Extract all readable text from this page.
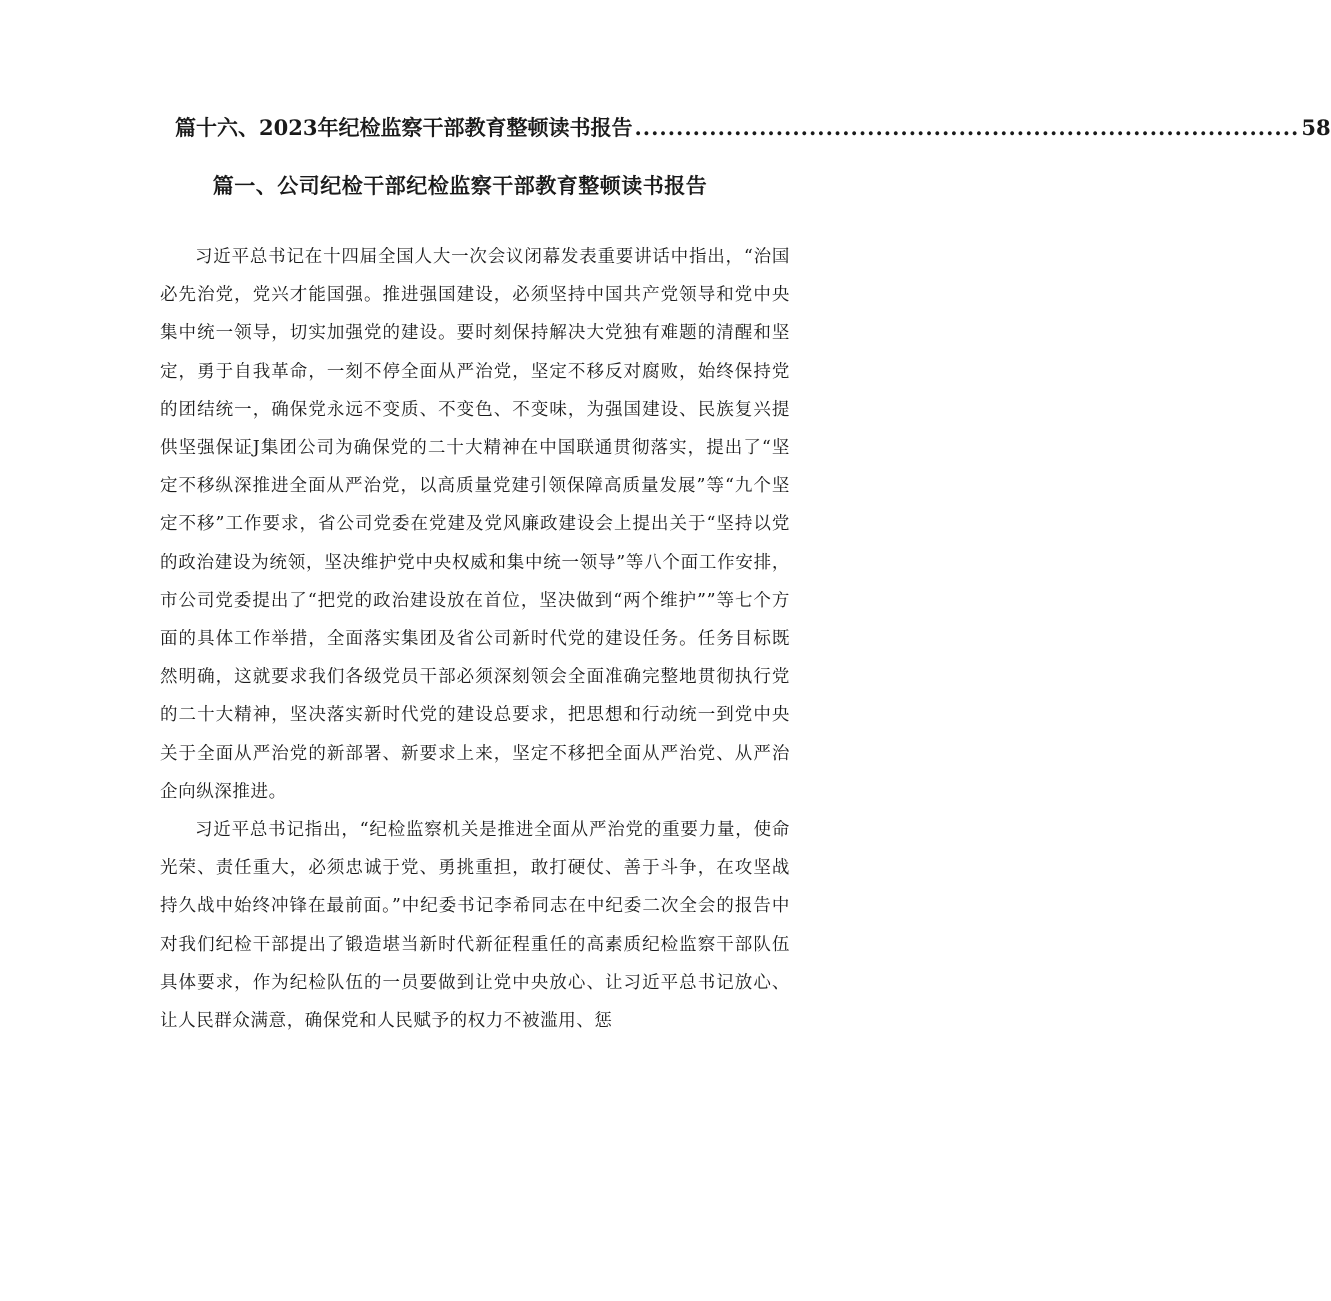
篇十六、2023年纪检监察干部教育整顿读书报告 ................................................................................ 58
篇一、公司纪检干部纪检监察干部教育整顿读书报告

习近平总书记在十四届全国人大一次会议闭幕发表重要讲话中指出，“治国必先治党，党兴才能国强。推进强国建设，必须坚持中国共产党领导和党中央集中统一领导，切实加强党的建设。要时刻保持解决大党独有难题的清醒和坚定，勇于自我革命，一刻不停全面从严治党，坚定不移反对腐败，始终保持党的团结统一，确保党永远不变质、不变色、不变味，为强国建设、民族复兴提供坚强保证J集团公司为确保党的二十大精神在中国联通贯彻落实，提出了“坚定不移纵深推进全面从严治党，以高质量党建引领保障高质量发展”等“九个坚定不移”工作要求，省公司党委在党建及党风廉政建设会上提出关于“坚持以党的政治建设为统领，坚决维护党中央权威和集中统一领导”等八个面工作安排，市公司党委提出了“把党的政治建设放在首位，坚决做到“两个维护””等七个方面的具体工作举措，全面落实集团及省公司新时代党的建设任务。任务目标既然明确，这就要求我们各级党员干部必须深刻领会全面准确完整地贯彻执行党的二十大精神，坚决落实新时代党的建设总要求，把思想和行动统一到党中央关于全面从严治党的新部署、新要求上来，坚定不移把全面从严治党、从严治企向纵深推进。

习近平总书记指出，“纪检监察机关是推进全面从严治党的重要力量，使命光荣、责任重大，必须忠诚于党、勇挑重担，敢打硬仗、善于斗争，在攻坚战持久战中始终冲锋在最前面。”中纪委书记李希同志在中纪委二次全会的报告中对我们纪检干部提出了锻造堪当新时代新征程重任的高素质纪检监察干部队伍具体要求，作为纪检队伍的一员要做到让党中央放心、让习近平总书记放心、让人民群众满意，确保党和人民赋予的权力不被滥用、惩
